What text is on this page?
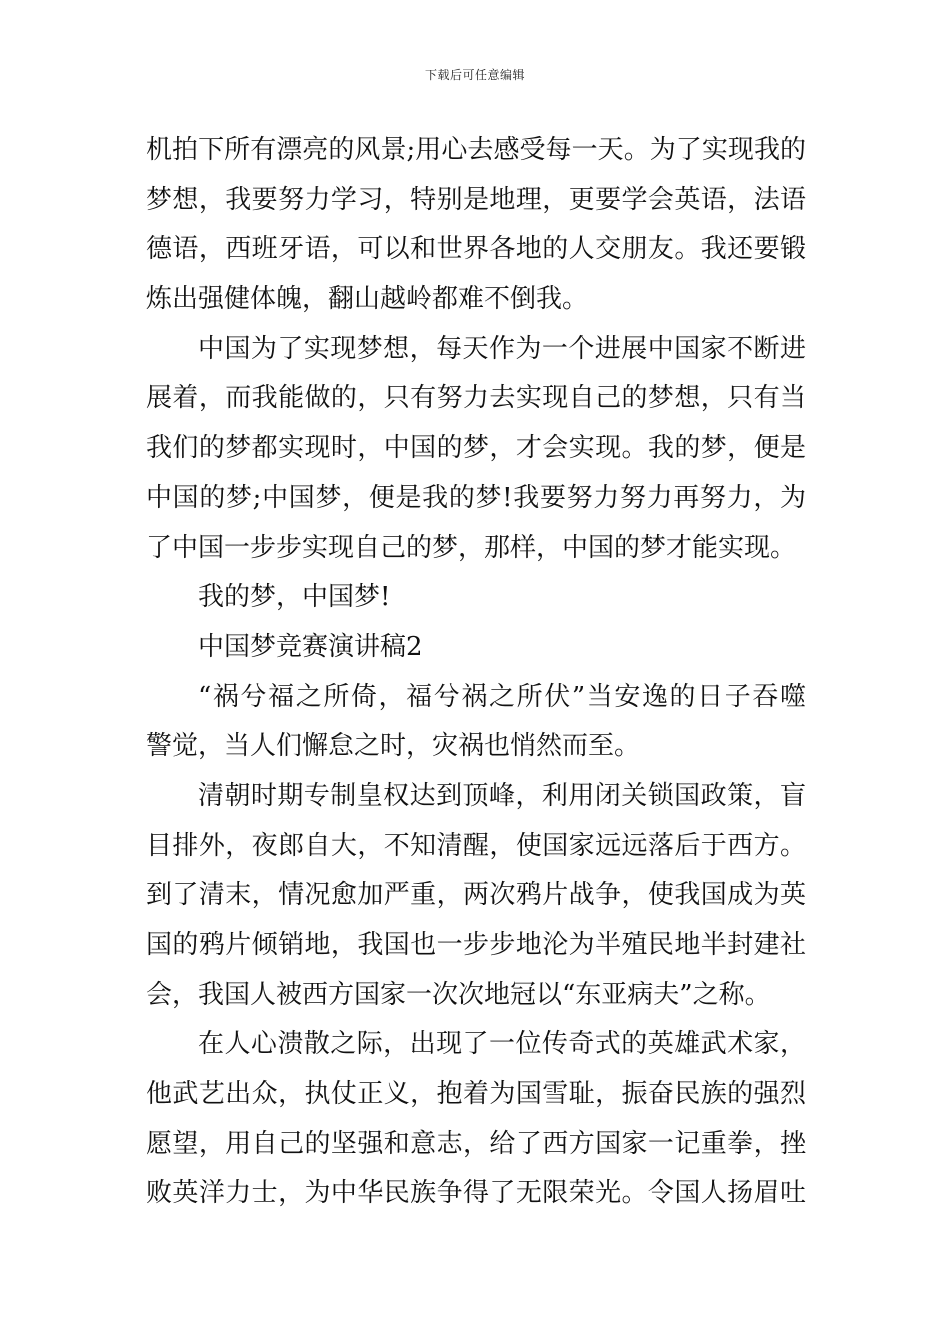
下载后可任意编辑
机拍下所有漂亮的风景;用心去感受每一天。为了实现我的
梦想，我要努力学习，特别是地理，更要学会英语，法语
德语，西班牙语，可以和世界各地的人交朋友。我还要锻
炼出强健体魄，翻山越岭都难不倒我。
中国为了实现梦想，每天作为一个进展中国家不断进
展着，而我能做的，只有努力去实现自己的梦想，只有当
我们的梦都实现时，中国的梦，才会实现。我的梦，便是
中国的梦;中国梦，便是我的梦!我要努力努力再努力，为
了中国一步步实现自己的梦，那样，中国的梦才能实现。
我的梦，中国梦!
中国梦竞赛演讲稿2
“祸兮福之所倚，福兮祸之所伏”当安逸的日子吞噬
警觉，当人们懈怠之时，灾祸也悄然而至。
清朝时期专制皇权达到顶峰，利用闭关锁国政策，盲
目排外，夜郎自大，不知清醒，使国家远远落后于西方。
到了清末，情况愈加严重，两次鸦片战争，使我国成为英
国的鸦片倾销地，我国也一步步地沦为半殖民地半封建社
会，我国人被西方国家一次次地冠以“东亚病夫”之称。
在人心溃散之际，出现了一位传奇式的英雄武术家，
他武艺出众，执仗正义，抱着为国雪耻，振奋民族的强烈
愿望，用自己的坚强和意志，给了西方国家一记重拳，挫
败英洋力士，为中华民族争得了无限荣光。令国人扬眉吐
